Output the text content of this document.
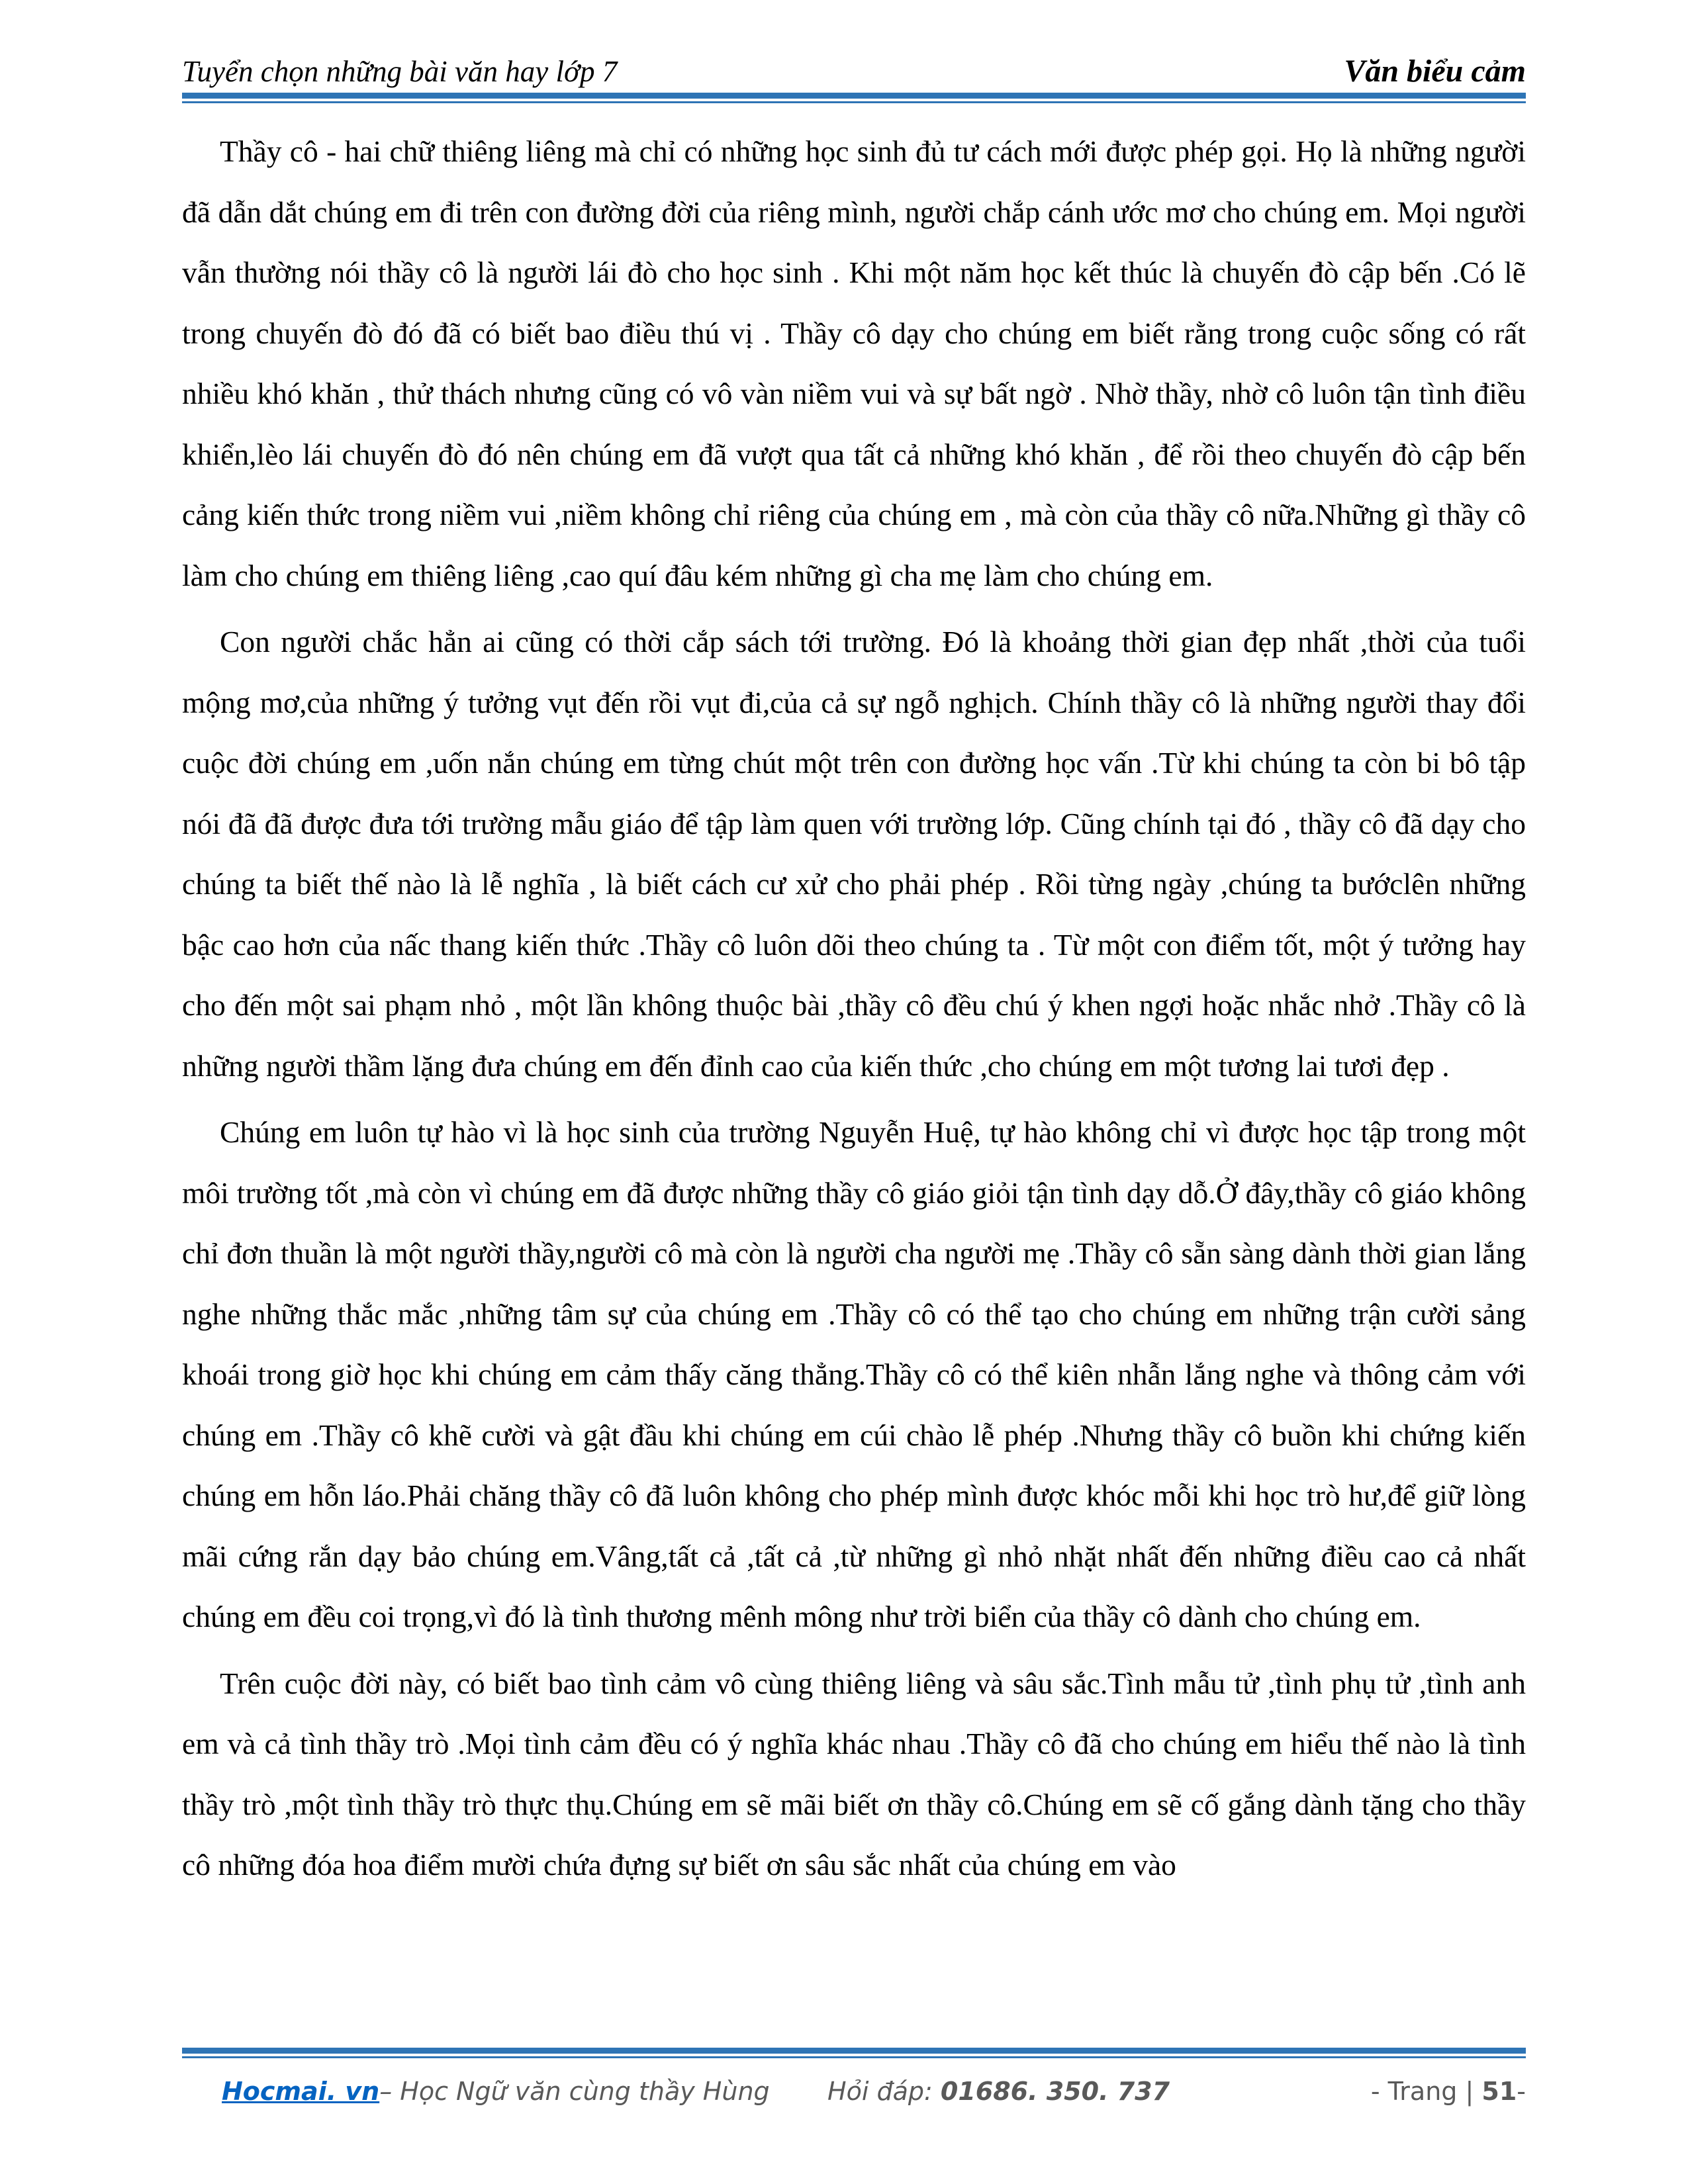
Tuyển chọn những bài văn hay lớp 7	Văn biểu cảm

Thầy cô - hai chữ thiêng liêng mà chỉ có những học sinh đủ tư cách mới được phép gọi. Họ là những người đã dẫn dắt chúng em đi trên con đường đời của riêng mình, người chắp cánh ước mơ cho chúng em. Mọi người vẫn thường nói thầy cô là người lái đò cho học sinh . Khi một năm học kết thúc là chuyến đò cập bến .Có lẽ trong chuyến đò đó đã có biết bao điều thú vị . Thầy cô dạy cho chúng em biết rằng trong cuộc sống có rất nhiều khó khăn , thử thách nhưng cũng có vô vàn niềm vui và sự bất ngờ . Nhờ thầy, nhờ cô luôn tận tình điều khiển,lèo lái chuyến đò đó nên chúng em đã vượt qua tất cả những khó khăn , để rồi theo chuyến đò cập bến cảng kiến thức trong niềm vui ,niềm không chỉ riêng của chúng em , mà còn của thầy cô nữa.Những gì thầy cô làm cho chúng em thiêng liêng ,cao quí đâu kém những gì cha mẹ làm cho chúng em.

Con người chắc hẳn ai cũng có thời cắp sách tới trường. Đó là khoảng thời gian đẹp nhất ,thời của tuổi mộng mơ,của những ý tưởng vụt đến rồi vụt đi,của cả sự ngỗ nghịch. Chính thầy cô là những người thay đổi cuộc đời chúng em ,uốn nắn chúng em từng chút một trên con đường học vấn .Từ khi chúng ta còn bi bô tập nói đã đã được đưa tới trường mẫu giáo để tập làm quen với trường lớp. Cũng chính tại đó , thầy cô đã dạy cho chúng ta biết thế nào là lễ nghĩa , là biết cách cư xử cho phải phép . Rồi từng ngày ,chúng ta bướclên những bậc cao hơn của nấc thang kiến thức .Thầy cô luôn dõi theo chúng ta . Từ một con điểm tốt, một ý tưởng hay cho đến một sai phạm nhỏ , một lần không thuộc bài ,thầy cô đều chú ý khen ngợi hoặc nhắc nhở .Thầy cô là những người thầm lặng đưa chúng em đến đỉnh cao của kiến thức ,cho chúng em một tương lai tươi đẹp .

Chúng em luôn tự hào vì là học sinh của trường Nguyễn Huệ, tự hào không chỉ vì được học tập trong một môi trường tốt ,mà còn vì chúng em đã được những thầy cô giáo giỏi tận tình dạy dỗ.Ở đây,thầy cô giáo không chỉ đơn thuần là một người thầy,người cô mà còn là người cha người mẹ .Thầy cô sẵn sàng dành thời gian lắng nghe những thắc mắc ,những tâm sự của chúng em .Thầy cô có thể tạo cho chúng em những trận cười sảng khoái trong giờ học khi chúng em cảm thấy căng thẳng.Thầy cô có thể kiên nhẫn lắng nghe và thông cảm với chúng em .Thầy cô khẽ cười và gật đầu khi chúng em cúi chào lễ phép .Nhưng thầy cô buồn khi chứng kiến chúng em hỗn láo.Phải chăng thầy cô đã luôn không cho phép mình được khóc mỗi khi học trò hư,để giữ lòng mãi cứng rắn dạy bảo chúng em.Vâng,tất cả ,tất cả ,từ những gì nhỏ nhặt nhất đến những điều cao cả nhất chúng em đều coi trọng,vì đó là tình thương mênh mông như trời biển của thầy cô dành cho chúng em.

Trên cuộc đời này, có biết bao tình cảm vô cùng thiêng liêng và sâu sắc.Tình mẫu tử ,tình phụ tử ,tình anh em và cả tình thầy trò .Mọi tình cảm đều có ý nghĩa khác nhau .Thầy cô đã cho chúng em hiểu thế nào là tình thầy trò ,một tình thầy trò thực thụ.Chúng em sẽ mãi biết ơn thầy cô.Chúng em sẽ cố gắng dành tặng cho thầy cô những đóa hoa điểm mười chứa đựng sự biết ơn sâu sắc nhất của chúng em vào

Hocmai. vn– Học Ngữ văn cùng thầy Hùng Hỏi đáp: 01686. 350. 737	- Trang | 51-
